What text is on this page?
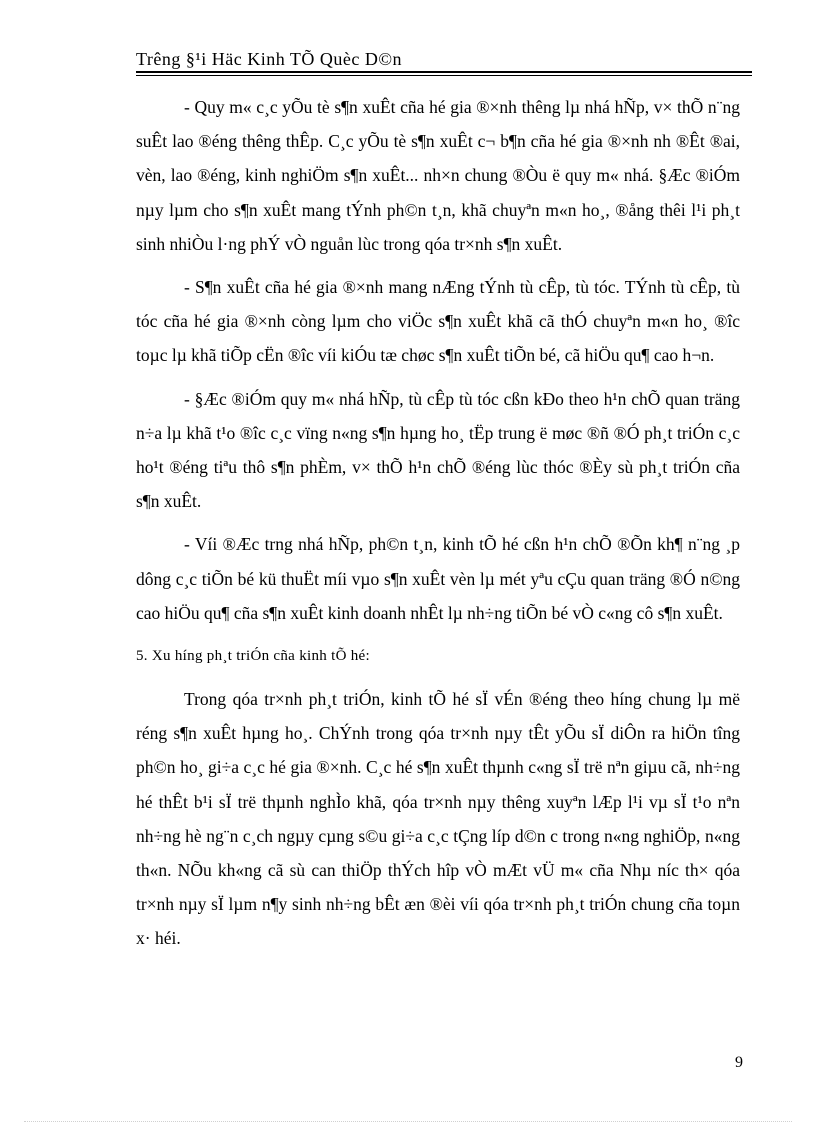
Trêng §¹i Häc Kinh TÕ Quèc D©n

- Quy m« c¸c yÕu tè s¶n xuÊt cña hé gia ®×nh thêng lµ nhá hÑp, v× thÕ n¨ng suÊt lao ®éng thêng thÊp. C¸c yÕu tè s¶n xuÊt c¬ b¶n cña hé gia ®×nh nh ®Êt ®ai, vèn, lao ®éng, kinh nghiÖm s¶n xuÊt... nh×n chung ®Òu ë quy m« nhá. §Æc ®iÓm nµy lµm cho s¶n xuÊt mang tÝnh ph©n t¸n, khã chuyªn m«n ho¸, ®ång thêi l¹i ph¸t sinh nhiÒu l·ng phÝ vÒ nguån lùc trong qóa tr×nh s¶n xuÊt.

- S¶n xuÊt cña hé gia ®×nh mang nÆng tÝnh tù cÊp, tù tóc. TÝnh tù cÊp, tù tóc cña hé gia ®×nh còng lµm cho viÖc s¶n xuÊt khã cã thÓ chuyªn m«n ho¸ ®îc toµc lµ khã tiÕp cËn ®îc víi kiÓu tæ chøc s¶n xuÊt tiÕn bé, cã hiÖu qu¶ cao h¬n.

- §Æc ®iÓm quy m« nhá hÑp, tù cÊp tù tóc cßn kÐo theo h¹n chÕ quan träng n÷a lµ khã t¹o ®îc c¸c vïng n«ng s¶n hµng ho¸ tËp trung ë møc ®ñ ®Ó ph¸t triÓn c¸c ho¹t ®éng tiªu thô s¶n phÈm, v× thÕ h¹n chÕ ®éng lùc thóc ®Èy sù ph¸t triÓn cña s¶n xuÊt.

- Víi ®Æc trng nhá hÑp, ph©n t¸n, kinh tÕ hé cßn h¹n chÕ ®Õn kh¶ n¨ng ¸p dông c¸c tiÕn bé kü thuËt míi vµo s¶n xuÊt vèn lµ mét yªu cÇu quan träng ®Ó n©ng cao hiÖu qu¶ cña s¶n xuÊt kinh doanh nhÊt lµ nh÷ng tiÕn bé vÒ c«ng cô s¶n xuÊt.

5. Xu híng ph¸t triÓn cña kinh tÕ hé:

Trong qóa tr×nh ph¸t triÓn, kinh tÕ hé sÏ vÉn ®éng theo híng chung lµ më réng s¶n xuÊt hµng ho¸. ChÝnh trong qóa tr×nh nµy tÊt yÕu sÏ diÔn ra hiÖn tîng ph©n ho¸ gi÷a c¸c hé gia ®×nh. C¸c hé s¶n xuÊt thµnh c«ng sÏ trë nªn giµu cã, nh÷ng hé thÊt b¹i sÏ trë thµnh nghÌo khã, qóa tr×nh nµy thêng xuyªn lÆp l¹i vµ sÏ t¹o nªn nh÷ng hè ng¨n c¸ch ngµy cµng s©u gi÷a c¸c tÇng líp d©n c trong n«ng nghiÖp, n«ng th«n. NÕu kh«ng cã sù can thiÖp thÝch hîp vÒ mÆt vÜ m« cña Nhµ níc th× qóa tr×nh nµy sÏ lµm n¶y sinh nh÷ng bÊt æn ®èi víi qóa tr×nh ph¸t triÓn chung cña toµn x· héi.

9
